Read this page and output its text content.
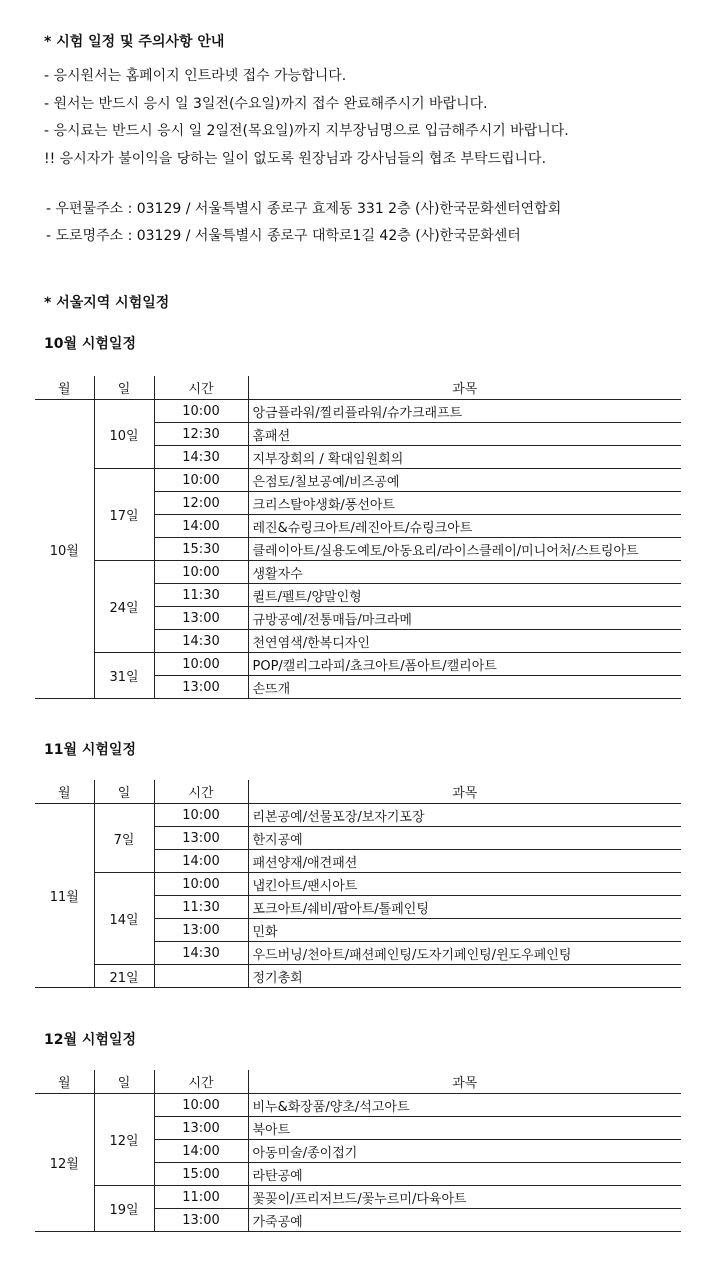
* 시험 일정 및 주의사항 안내
- 응시원서는 홈페이지 인트라넷 접수 가능합니다.
- 원서는 반드시 응시 일 3일전(수요일)까지 접수 완료해주시기 바랍니다.
- 응시료는 반드시 응시 일 2일전(목요일)까지 지부장님명으로 입금해주시기 바랍니다.
!! 응시자가 불이익을 당하는 일이 없도록 원장님과 강사님들의 협조 부탁드립니다.
- 우편물주소 : 03129 / 서울특별시 종로구 효제동 331 2층 (사)한국문화센터연합회
- 도로명주소 : 03129 / 서울특별시 종로구 대학로1길 42층 (사)한국문화센터
* 서울지역 시험일정
10월 시험일정
월	일	시간	과목
10월	10일	10:00	앙금플라워/찔리플라워/슈가크래프트
		12:30	홈패션
		14:30	지부장회의 / 확대임원회의
	17일	10:00	은점토/칠보공예/비즈공예
		12:00	크리스탈야생화/풍선아트
		14:00	레진&슈링크아트/레진아트/슈링크아트
		15:30	클레이아트/실용도예토/아동요리/라이스클레이/미니어처/스트링아트
	24일	10:00	생활자수
		11:30	퀼트/펠트/양말인형
		13:00	규방공예/전통매듭/마크라메
		14:30	천연염색/한복디자인
	31일	10:00	POP/캘리그라피/쵸크아트/폼아트/캘리아트
		13:00	손뜨개
11월 시험일정
월	일	시간	과목
11월	7일	10:00	리본공예/선물포장/보자기포장
		13:00	한지공예
		14:00	패션양재/애견패션
	14일	10:00	냅킨아트/팬시아트
		11:30	포크아트/쉐비/팝아트/톨페인팅
		13:00	민화
		14:30	우드버닝/천아트/패션페인팅/도자기페인팅/윈도우페인팅
	21일		정기총회
12월 시험일정
월	일	시간	과목
12월	12일	10:00	비누&화장품/양초/석고아트
		13:00	북아트
		14:00	아동미술/종이접기
		15:00	라탄공예
	19일	11:00	꽃꽂이/프리저브드/꽃누르미/다육아트
		13:00	가죽공예
